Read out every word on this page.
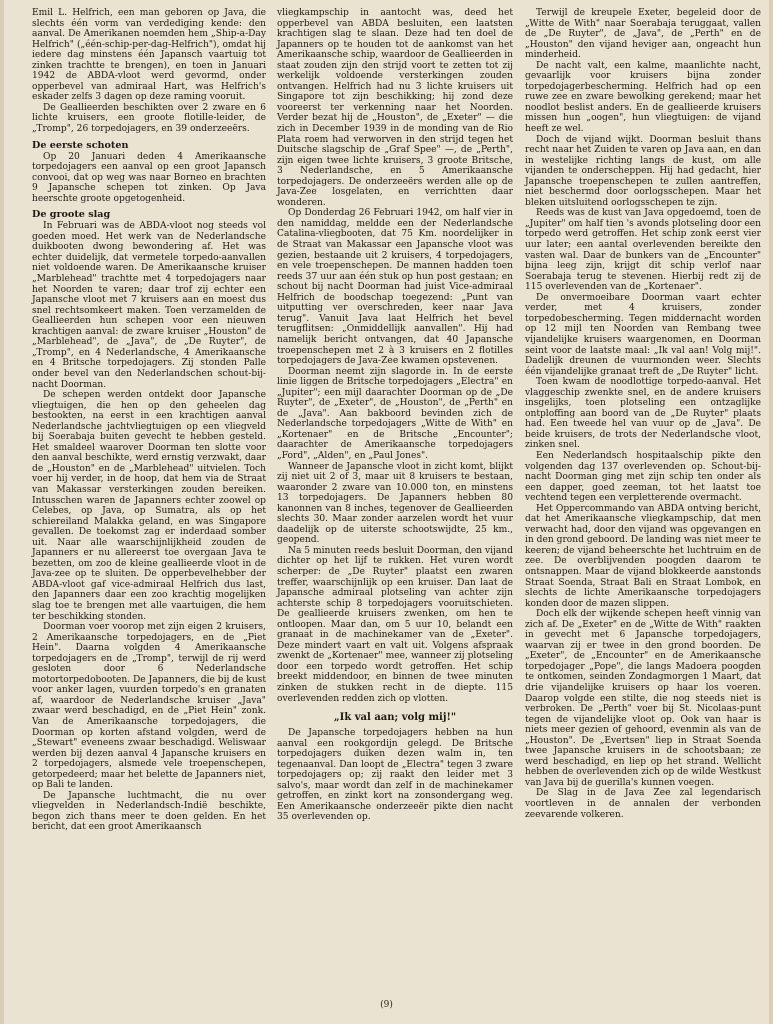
Emil L. Helfrich, een man geboren op Java, die slechts één vorm van verdediging kende: den aanval. De Amerikanen noemden hem „Ship-a-Day Helfrich" („één-schip-per-dag-Helfrich"), omdat hij iedere dag minstens één Japansch vaartuig tot zinken trachtte te brengen), en toen in Januari 1942 de ABDA-vloot werd gevormd, onder opperbevel van admiraal Hart, was Helfrich's eskader zelfs 3 dagen op deze raming vooruit.

De Geallieerden beschikten over 2 zware en 6 lichte kruisers, een groote flotille-leider, de „Tromp", 26 torpedojagers, en 39 onderzeeërs.

De eerste schoten

Op 20 Januari deden 4 Amerikaansche torpedojagers een aanval op een groot Japansch convooi, dat op weg was naar Borneo en brachten 9 Japansche schepen tot zinken. Op Java heerschte groote opgetogenheid.

De groote slag

In Februari was de ABDA-vloot nog steeds vol goeden moed. Het werk van de Nederlandsche duikbooten dwong bewondering af. Het was echter duidelijk, dat vermetele torpedo-aanvallen niet voldoende waren. De Amerikaansche kruiser „Marblehead" trachtte met 4 torpedojagers naar het Noorden te varen; daar trof zij echter een Japansche vloot met 7 kruisers aan en moest dus snel rechtsomkeert maken. Toen verzamelden de Geallieerden hun schepen voor een nieuwen krachtigen aanval: de zware kruiser „Houston" de „Marblehead", de „Java", de „De Ruyter", de „Tromp", en 4 Nederlandsche, 4 Amerikaansche en 4 Britsche torpedojagers. Zij stonden Palle onder bevel van den Nederlandschen schout-bij-nacht Doorman.

De schepen werden ontdekt door Japansche vliegtuigen, die hen op den geheelen dag bestookten, na eerst in een krachtigen aanval Nederlandsche jachtvliegtuigen op een vliegveld bij Soerabaja buiten gevecht te hebben gesteld. Het smaldeel waarover Doorman ten slotte voor den aanval beschikte, werd ernstig verzwakt, daar de „Houston" en de „Marblehead" uitvielen. Toch voer hij verder, in de hoop, dat hem via de Straat van Makassar versterkingen zouden bereiken. Intusschen waren de Japanners echter zoowel op Celebes, op Java, op Sumatra, als op het schiereiland Malakka geland, en was Singapore gevallen. De toekomst zag er inderdaad somber uit. Naar alle waarschijnlijkheid zouden de Japanners er nu allereerst toe overgaan Java te bezetten, om zoo de kleine geallieerde vloot in de Java-zee op te sluiten. De opperbevelhebber der ABDA-vloot gaf vice-admiraal Helfrich dus last, den Japanners daar een zoo krachtig mogelijken slag toe te brengen met alle vaartuigen, die hem ter beschikking stonden.

Doorman voer voorop met zijn eigen 2 kruisers, 2 Amerikaansche torpedojagers, en de „Piet Hein". Daarna volgden 4 Amerikaansche torpedojagers en de „Tromp", terwijl de rij werd gesloten door 6 Nederlandsche motortorpedobooten. De Japanners, die bij de kust voor anker lagen, vuurden torpedo's en granaten af, waardoor de Nederlandsche kruiser „Java" zwaar werd beschadigd, en de „Piet Hein" zonk. Van de Amerikaansche torpedojagers, die Doorman op korten afstand volgden, werd de „Stewart" eveneens zwaar beschadigd. Weliswaar werden bij dezen aanval 4 Japansche kruisers en 2 torpedojagers, alsmede vele troepenschepen, getorpedeerd; maar het belette de Japanners niet, op Bali te landen.

De Japansche luchtmacht, die nu over vliegvelden in Nederlandsch-Indië beschikte, begon zich thans meer te doen gelden. En het bericht, dat een groot Amerikaansch

vliegkampschip in aantocht was, deed het opperbevel van ABDA besluiten, een laatsten krachtigen slag te slaan. Deze had ten doel de Japanners op te houden tot de aankomst van het Amerikaansche schip, waardoor de Geallieerden in staat zouden zijn den strijd voort te zetten tot zij werkelijk voldoende versterkingen zouden ontvangen. Helfrich had nu 3 lichte kruisers uit Singapore tot zijn beschikking; hij zond deze vooreerst ter verkenning naar het Noorden. Verder bezat hij de „Houston", de „Exeter" — die zich in December 1939 in de monding van de Rio Plata roem had verworven in den strijd tegen het Duitsche slagschip de „Graf Spee" —, de „Perth", zijn eigen twee lichte kruisers, 3 groote Britsche, 3 Nederlandsche, en 5 Amerikaansche torpedojagers. De onderzeeërs werden alle op de Java-Zee losgelaten, en verrichtten daar wonderen.

Op Donderdag 26 Februari 1942, om half vier in den namiddag, meldde een der Nederlandsche Catalina-vliegbooten, dat 75 Km. noordelijker in de Straat van Makassar een Japansche vloot was gezien, bestaande uit 2 kruisers, 4 torpedojagers, en vele troepenschepen. De mannen hadden toen reeds 37 uur aan één stuk op hun post gestaan; en schout bij nacht Doorman had juist Vice-admiraal Helfrich de boodschap toegezend: „Punt van uitputting ver overschreden, keer naar Java terug". Vanuit Java laat Helfrich het bevel terugflitsen: „Onmiddellijk aanvallen". Hij had namelijk bericht ontvangen, dat 40 Japansche troepenschepen met 2 à 3 kruisers en 2 flotilles torpedojagers de Java-Zee kwamen opstevenen.

Doorman neemt zijn slagorde in. In de eerste linie liggen de Britsche torpedojagers „Electra" en „Jupiter"; een mijl daarachter Doorman op de „De Ruyter", de „Exeter", de „Houston", de „Perth" en de „Java". Aan bakboord bevinden zich de Nederlandsche torpedojagers „Witte de With" en „Kortenaer" en de Britsche „Encounter"; daarachter de Amerikaansche torpedojagers „Ford", „Alden", en „Paul Jones".

Wanneer de Japansche vloot in zicht komt, blijkt zij niet uit 2 of 3, maar uit 8 kruisers te bestaan, waaronder 2 zware van 10.000 ton, en minstens 13 torpedojagers. De Japanners hebben 80 kanonnen van 8 inches, tegenover de Geallieerden slechts 30. Maar zonder aarzelen wordt het vuur daadelijk op de uiterste schootswijdte, 25 km., geopend.

Na 5 minuten reeds besluit Doorman, den vijand dichter op het lijf te rukken. Het vuren wordt scherper: de „De Ruyter" plaatst een zwaren treffer, waarschijnlijk op een kruiser. Dan laat de Japansche admiraal plotseling van achter zijn achterste schip 8 torpedojagers vooruitschieten. De geallieerde kruisers zwenken, om hen te ontloopen. Maar dan, om 5 uur 10, belandt een granaat in de machinekamer van de „Exeter". Deze mindert vaart en valt uit. Volgens afspraak zwenkt de „Kortenaer" mee, wanneer zij plotseling door een torpedo wordt getroffen. Het schip breekt middendoor, en binnen de twee minuten zinken de stukken recht in de diepte. 115 overlevenden redden zich op vlotten.

„Ik val aan; volg mij!"

De Japansche torpedojagers hebben na hun aanval een rookgordijn gelegd. De Britsche torpedojagers duiken dezen walm in, ten tegenaanval. Dan loopt de „Electra" tegen 3 zware torpedojagers op; zij raakt den leider met 3 salvo's, maar wordt dan zelf in de machinekamer getroffen, en zinkt kort na zonsondergang weg. Een Amerikaansche onderzeeër pikte dien nacht 35 overlevenden op.

Terwijl de kreupele Exeter, begeleid door de „Witte de With" naar Soerabaja teruggaat, vallen de „De Ruyter", de „Java", de „Perth" en de „Houston" den vijand heviger aan, ongeacht hun minderheid.

De nacht valt, een kalme, maanlichte nacht, gevaarlijk voor kruisers bijna zonder torpedojagerbescherming. Helfrich had op een ruwe zee en zware bewolking gerekend; maar het noodlot beslist anders. En de geallieerde kruisers missen hun „oogen", hun vliegtuigen: de vijand heeft ze wel.

Doch de vijand wijkt. Doorman besluit thans recht naar het Zuiden te varen op Java aan, en dan in westelijke richting langs de kust, om alle vijanden te onderscheppen. Hij had gedacht, hier Japansche troepenschepen te zullen aantreffen, niet beschermd door oorlogsschepen. Maar het bleken uitsluitend oorlogsschepen te zijn.

Reeds was de kust van Java opgedoemd, toen de „Jupiter" om half tien 's avonds plotseling door een torpedo werd getroffen. Het schip zonk eerst vier uur later; een aantal overlevenden bereikte den vasten wal. Daar de bunkers van de „Encounter" bijna leeg zijn, krijgt dit schip verlof naar Soerabaja terug te stevenen. Hierbij redt zij de 115 overlevenden van de „Kortenaer".

De onvermoeibare Doorman vaart echter verder, met 4 kruisers, zonder torpedobescherming. Tegen middernacht worden op 12 mijl ten Noorden van Rembang twee vijandelijke kruisers waargenomen, en Doorman seint voor de laatste maal: „Ik val aan! Volg mij!". Dadelijk dreunen de vuurmonden weer. Slechts één vijandelijke granaat treft de „De Ruyter" licht.

Toen kwam de noodlottige torpedo-aanval. Het vlaggeschip zwenkte snel, en de andere kruisers insgelijks, toen plotseling een ontzaglijke ontploffing aan boord van de „De Ruyter" plaats had. Een tweede hel van vuur op de „Java". De beide kruisers, de trots der Nederlandsche vloot, zinken snel.

Een Nederlandsch hospitaalschip pikte den volgenden dag 137 overlevenden op. Schout-bij-nacht Doorman ging met zijn schip ten onder als een dapper, goed zeeman, tot het laatst toe vechtend tegen een verpletterende overmacht.

Het Oppercommando van ABDA ontving bericht, dat het Amerikaansche vliegkampschip, dat men verwacht had, door den vijand was opgevangen en in den grond geboord. De landing was niet meer te keeren; de vijand beheerschte het luchtruim en de zee. De overblijvenden poogden daarom te ontsnappen. Maar de vijand blokkeerde aanstonds Straat Soenda, Straat Bali en Straat Lombok, en slechts de lichte Amerikaansche torpedojagers konden door de mazen slippen.

Doch elk der wijkende schepen heeft vinnig van zich af. De „Exeter" en de „Witte de With" raakten in gevecht met 6 Japansche torpedojagers, waarvan zij er twee in den grond boorden. De „Exeter", de „Encounter" en de Amerikaansche torpedojager „Pope", die langs Madoera poogden te ontkomen, seinden Zondagmorgen 1 Maart, dat drie vijandelijke kruisers op haar los voeren. Daarop volgde een stilte, die nog steeds niet is verbroken. De „Perth" voer bij St. Nicolaas-punt tegen de vijandelijke vloot op. Ook van haar is niets meer gezien of gehoord, evenmin als van de „Houston". De „Evertsen" liep in Straat Soenda twee Japansche kruisers in de schootsbaan; ze werd beschadigd, en liep op het strand. Wellicht hebben de overlevenden zich op de wilde Westkust van Java bij de guerilla's kunnen voegen.

De Slag in de Java Zee zal legendarisch voortleven in de annalen der verbonden zeevarende volkeren.

(9)
